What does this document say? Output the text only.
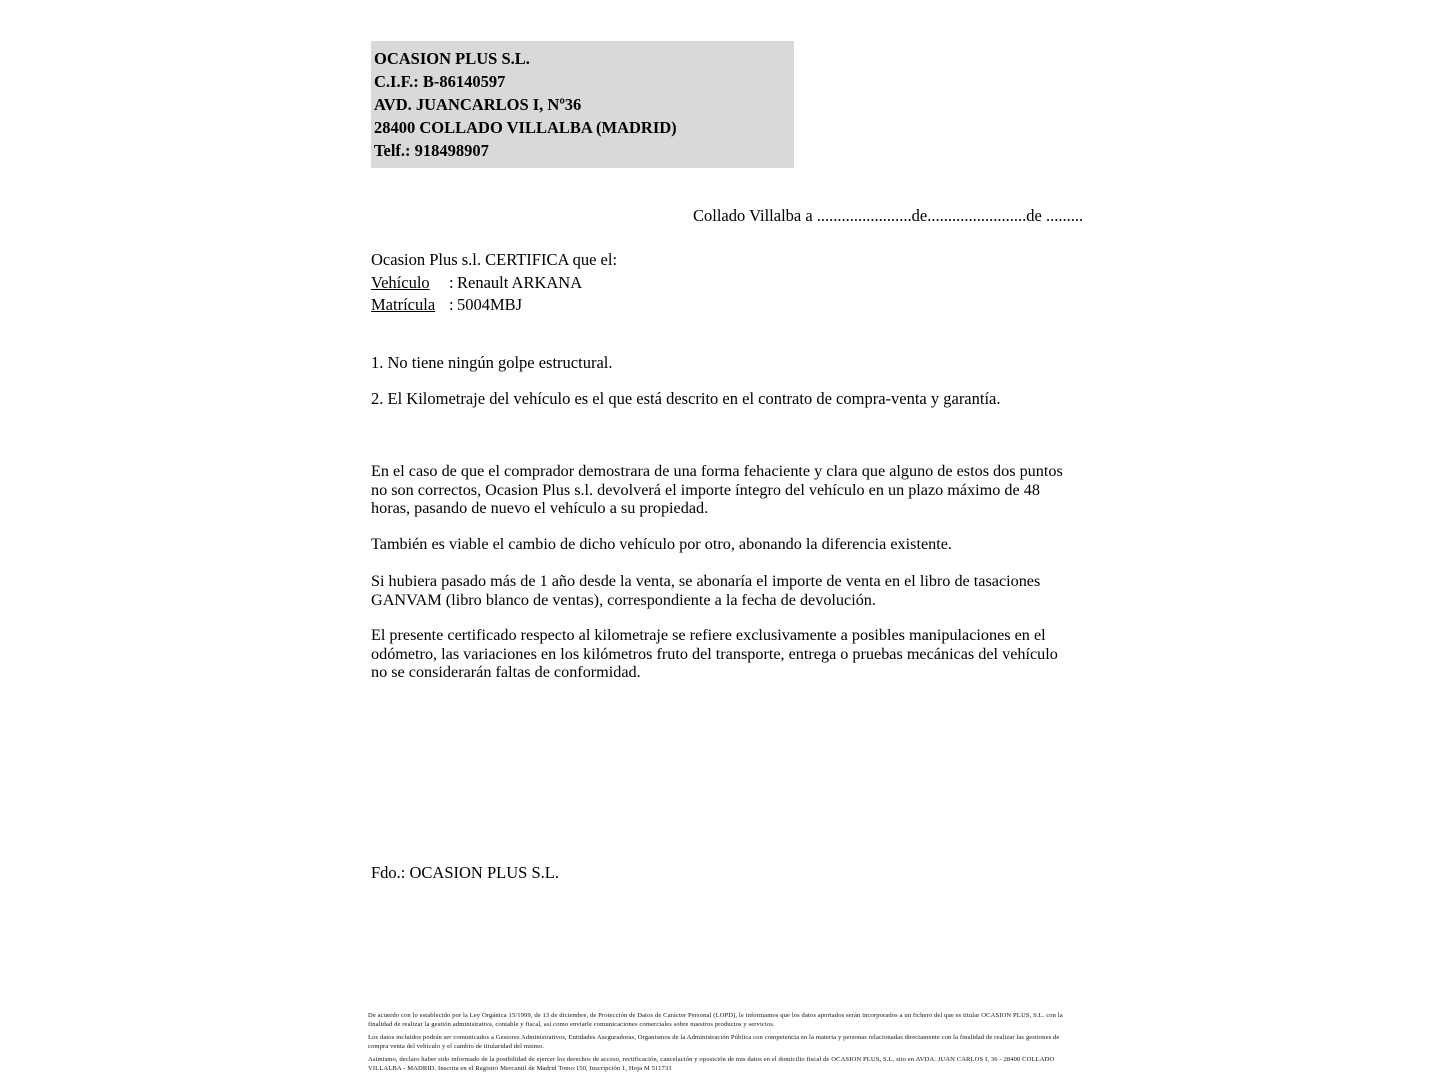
OCASION PLUS S.L.
C.I.F.: B-86140597
AVD. JUANCARLOS I, Nº36
28400 COLLADO VILLALBA (MADRID)
Telf.: 918498907
Collado Villalba a .......................de........................de .........
Ocasion Plus s.l. CERTIFICA que el:
Vehículo : Renault ARKANA
Matrícula : 5004MBJ
1. No tiene ningún golpe estructural.
2. El Kilometraje del vehículo es el que está descrito en el contrato de compra-venta y garantía.
En el caso de que el comprador demostrara de una forma fehaciente y clara que alguno de estos dos puntos no son correctos, Ocasion Plus s.l. devolverá el importe íntegro del vehículo en un plazo máximo de 48 horas, pasando de nuevo el vehículo a su propiedad.
También es viable el cambio de dicho vehículo por otro, abonando la diferencia existente.
Si hubiera pasado más de 1 año desde la venta, se abonaría el importe de venta en el libro de tasaciones GANVAM (libro blanco de ventas), correspondiente a la fecha de devolución.
El presente certificado respecto al kilometraje se refiere exclusivamente a posibles manipulaciones en el odómetro, las variaciones en los kilómetros fruto del transporte, entrega o pruebas mecánicas del vehículo no se considerarán faltas de conformidad.
Fdo.: OCASION PLUS S.L.

De acuerdo con lo establecido por la Ley Orgánica 15/1999, de 13 de diciembre, de Protección de Datos de Carácter Personal (LOPD), le informamos que los datos aportados serán incorporados a un fichero del que es titular OCASION PLUS, S.L. con la finalidad de realizar la gestión administrativa, contable y fiscal, así como enviarle comunicaciones comerciales sobre nuestros productos y servicios.

Los datos incluidos podrán ser comunicados a Gestores Administrativos, Entidades Aseguradoras, Organismos de la Administración Pública con competencia en la materia y personas relacionadas directamente con la finalidad de realizar las gestiones de compra venta del vehículo y el cambio de titularidad del mismo.

Asimismo, declaro haber sido informado de la posibilidad de ejercer los derechos de acceso, rectificación, cancelación y oposición de mis datos en el domicilio fiscal de OCASION PLUS, S.L. sito en AVDA. JUAN CARLOS I, 36 - 28400 COLLADO VILLALBA - MADRID. Inscrita en el Registro Mercantil de Madrid Tomo:150, Inscripción 1, Hoja M 511731
